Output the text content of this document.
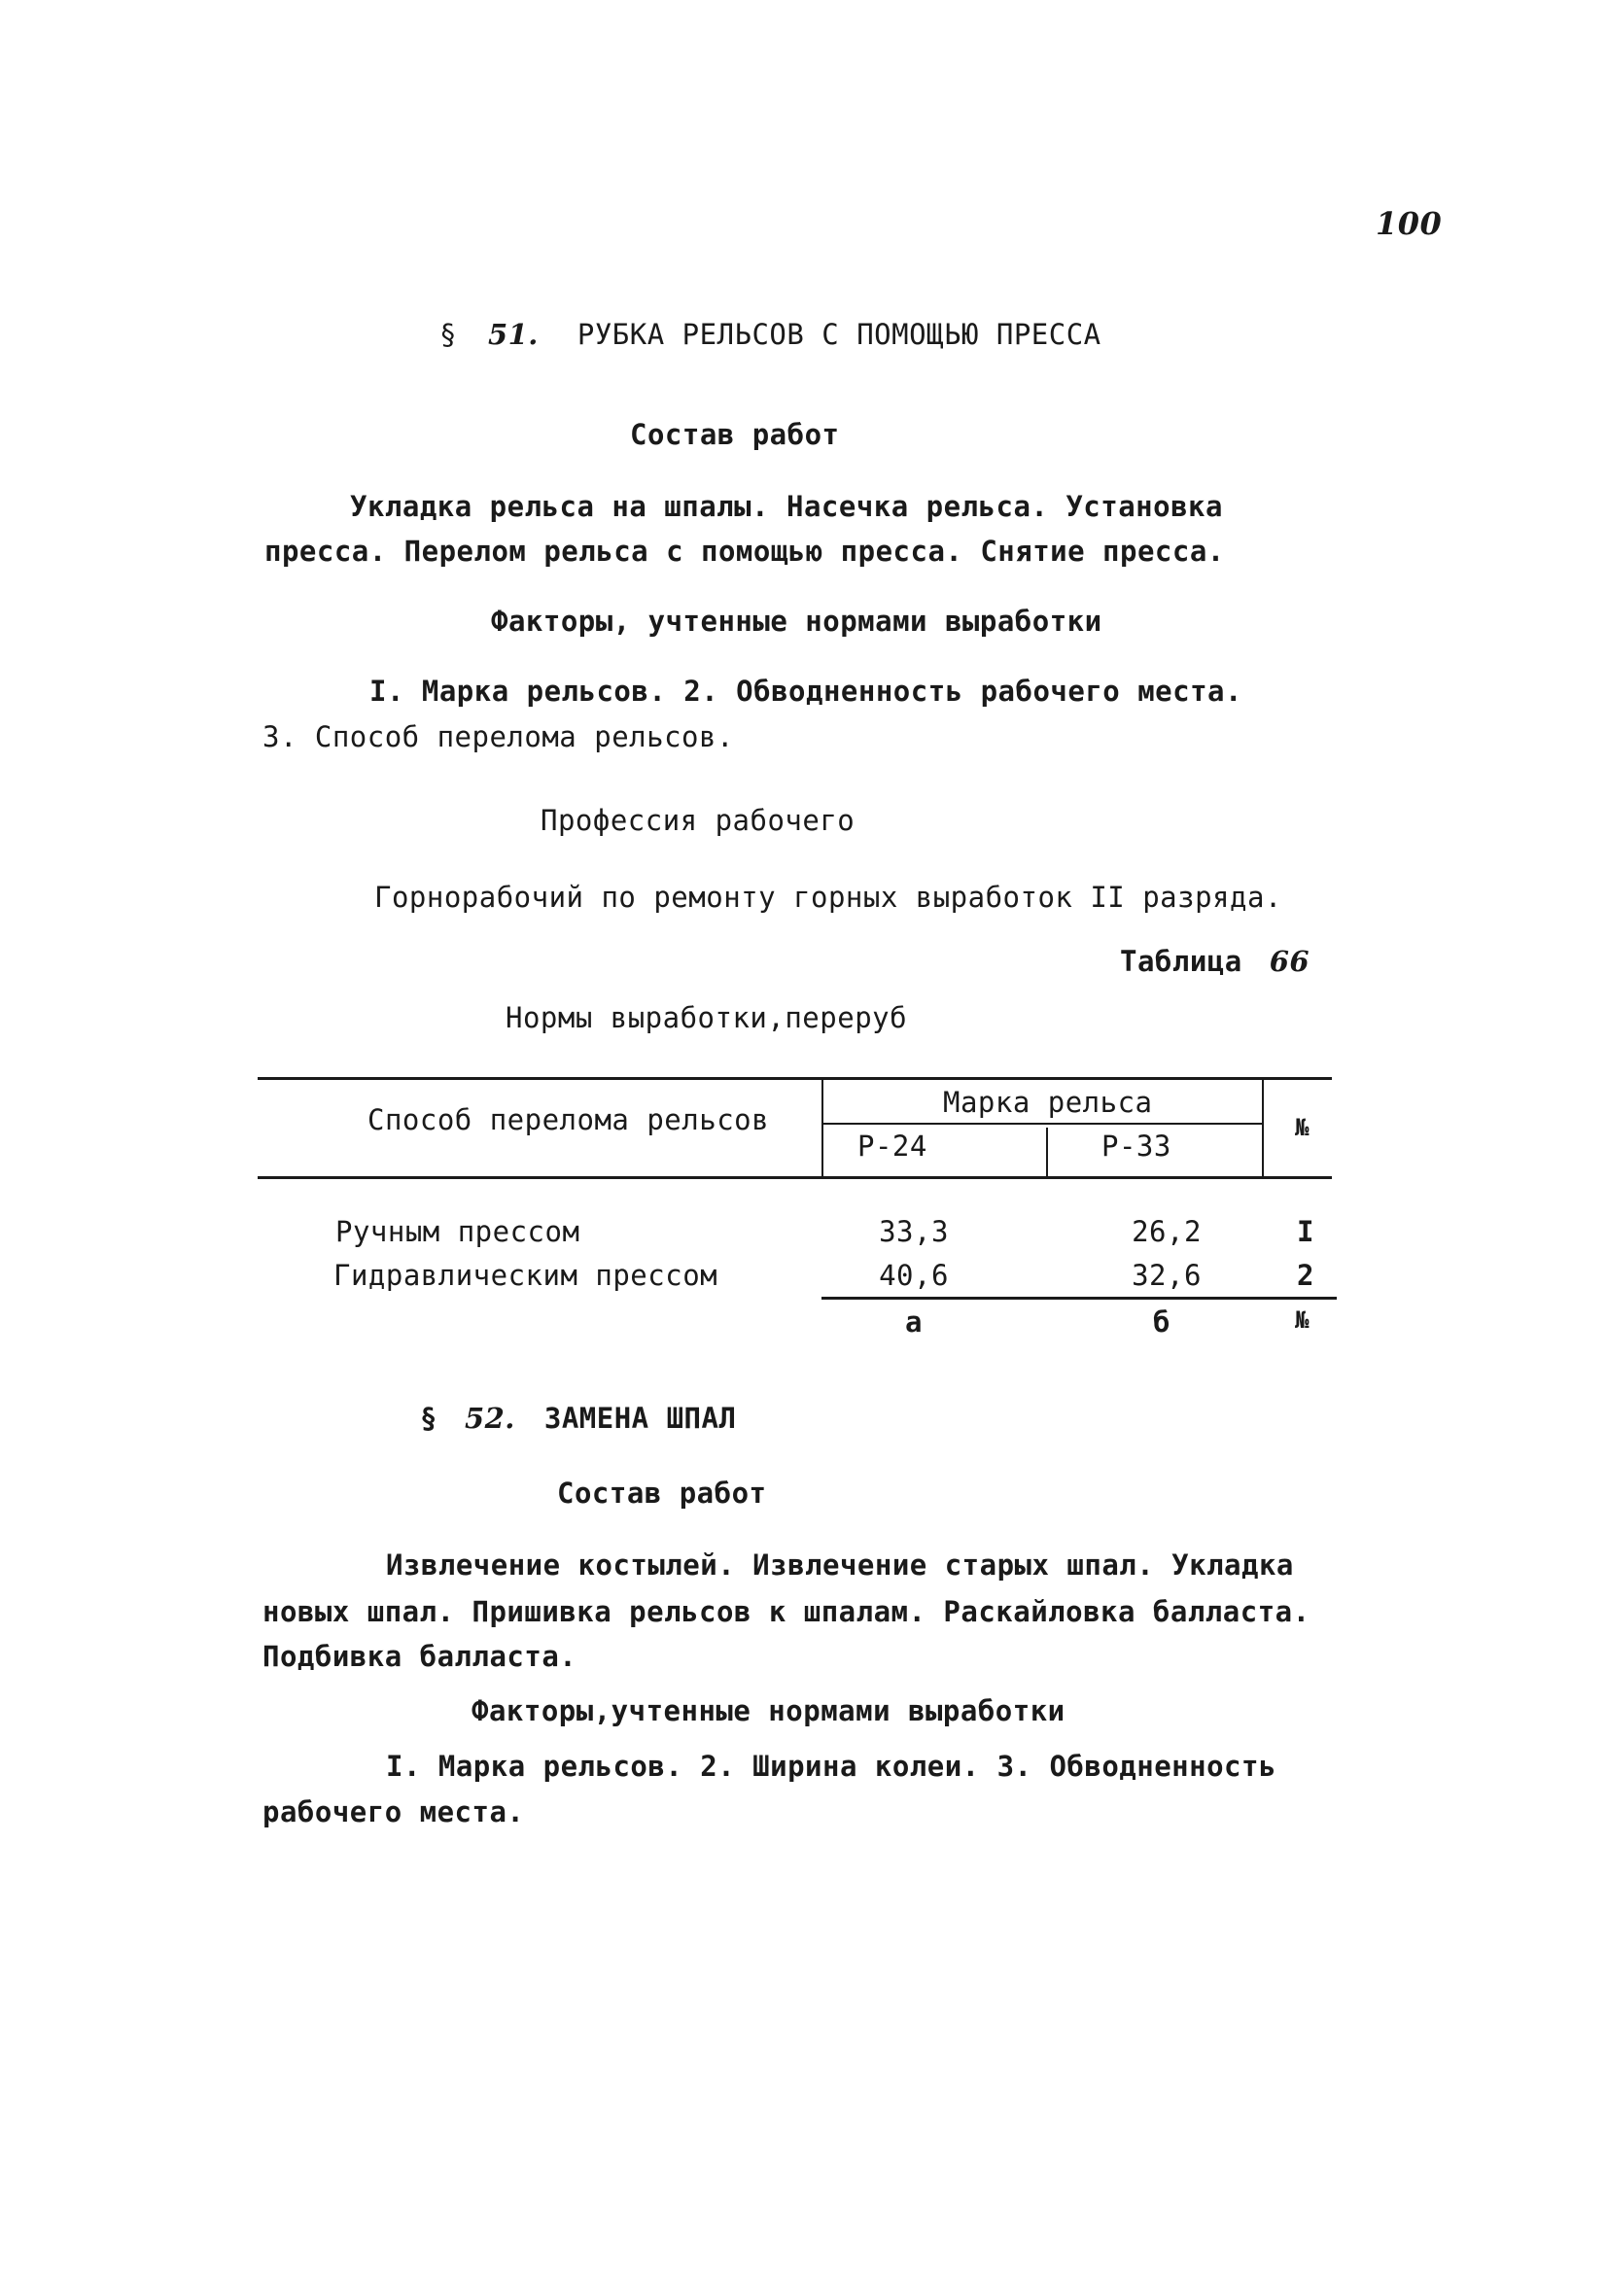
100
§ 51. РУБКА РЕЛЬСОВ С ПОМОЩЬЮ ПРЕССА
Состав работ
Укладка рельса на шпалы. Насечка рельса. Установка
пресса. Перелом рельса с помощью пресса. Снятие пресса.
Факторы, учтенные нормами выработки
I. Марка рельсов. 2. Обводненность рабочего места.
3. Способ перелома рельсов.
Профессия рабочего
Горнорабочий по ремонту горных выработок II разряда.
Таблица 66
Нормы выработки,переруб
Способ перелома рельсов
Марка рельса
Р-24	Р-33
№
Ручным прессом	33,3	26,2	I
Гидравлическим прессом	40,6	32,6	2
а	б	№
§ 52. ЗАМЕНА ШПАЛ
Состав работ
Извлечение костылей. Извлечение старых шпал. Укладка
новых шпал. Пришивка рельсов к шпалам. Раскайловка балласта.
Подбивка балласта.
Факторы,учтенные нормами выработки
I. Марка рельсов. 2. Ширина колеи. 3. Обводненность
рабочего места.
